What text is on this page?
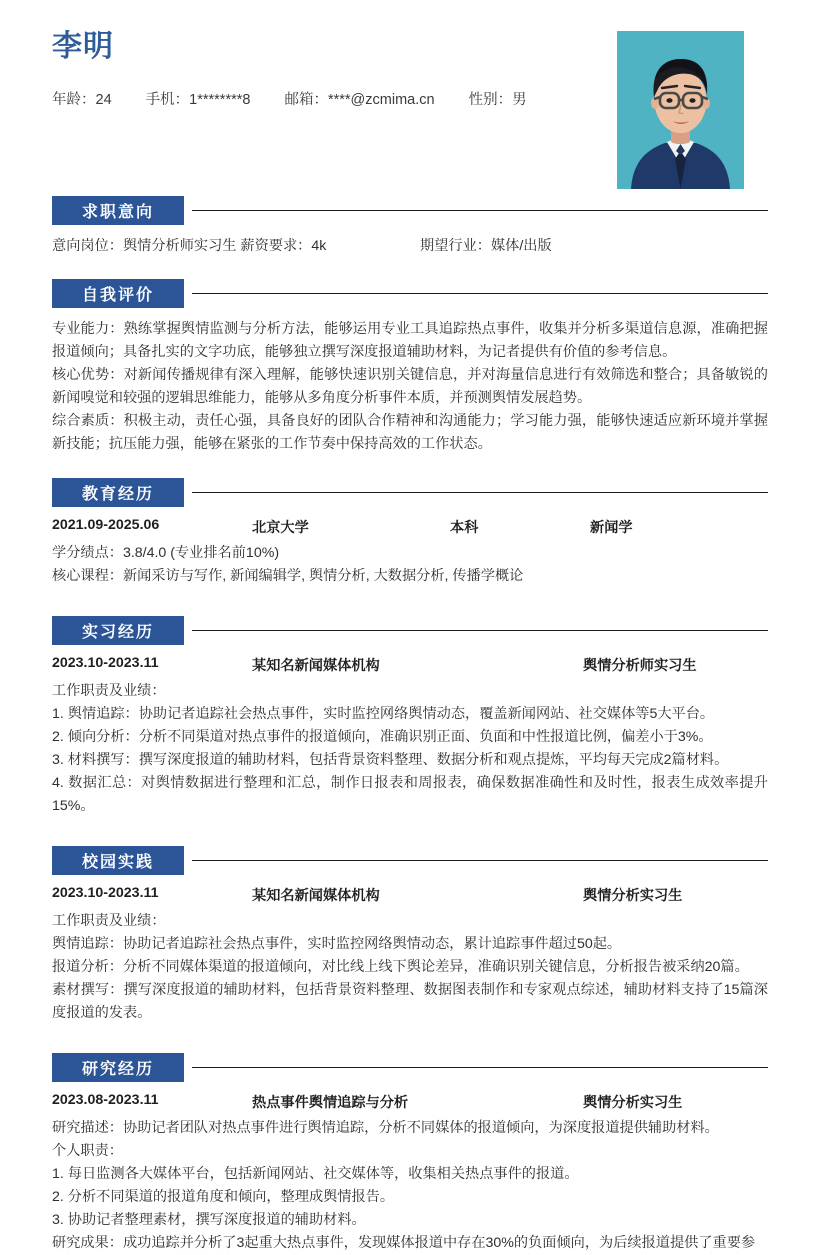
李明
年龄：24 手机：1********8 邮箱：****@zcmima.cn 性别：男
求职意向
意向岗位：舆情分析师实习生 薪资要求：4k	期望行业：媒体/出版
自我评价

专业能力：熟练掌握舆情监测与分析方法，能够运用专业工具追踪热点事件，收集并分析多渠道信息源，准确把握报道倾向；具备扎实的文字功底，能够独立撰写深度报道辅助材料，为记者提供有价值的参考信息。

核心优势：对新闻传播规律有深入理解，能够快速识别关键信息，并对海量信息进行有效筛选和整合；具备敏锐的新闻嗅觉和较强的逻辑思维能力，能够从多角度分析事件本质，并预测舆情发展趋势。

综合素质：积极主动，责任心强，具备良好的团队合作精神和沟通能力；学习能力强，能够快速适应新环境并掌握新技能；抗压能力强，能够在紧张的工作节奏中保持高效的工作状态。

教育经历
2021.09-2025.06	北京大学	本科	新闻学

学分绩点：3.8/4.0 (专业排名前10%)

核心课程：新闻采访与写作, 新闻编辑学, 舆情分析, 大数据分析, 传播学概论

实习经历
2023.10-2023.11	某知名新闻媒体机构	舆情分析师实习生

工作职责及业绩：

1. 舆情追踪：协助记者追踪社会热点事件，实时监控网络舆情动态，覆盖新闻网站、社交媒体等5大平台。

2. 倾向分析：分析不同渠道对热点事件的报道倾向，准确识别正面、负面和中性报道比例，偏差小于3%。

3. 材料撰写：撰写深度报道的辅助材料，包括背景资料整理、数据分析和观点提炼，平均每天完成2篇材料。

4. 数据汇总：对舆情数据进行整理和汇总，制作日报表和周报表，确保数据准确性和及时性，报表生成效率提升15%。

校园实践
2023.10-2023.11	某知名新闻媒体机构	舆情分析实习生

工作职责及业绩：

舆情追踪：协助记者追踪社会热点事件，实时监控网络舆情动态，累计追踪事件超过50起。

报道分析：分析不同媒体渠道的报道倾向，对比线上线下舆论差异，准确识别关键信息，分析报告被采纳20篇。

素材撰写：撰写深度报道的辅助材料，包括背景资料整理、数据图表制作和专家观点综述，辅助材料支持了15篇深度报道的发表。

研究经历
2023.08-2023.11	热点事件舆情追踪与分析	舆情分析实习生

研究描述：协助记者团队对热点事件进行舆情追踪，分析不同媒体的报道倾向，为深度报道提供辅助材料。

个人职责：

1. 每日监测各大媒体平台，包括新闻网站、社交媒体等，收集相关热点事件的报道。

2. 分析不同渠道的报道角度和倾向，整理成舆情报告。

3. 协助记者整理素材，撰写深度报道的辅助材料。

研究成果：成功追踪并分析了3起重大热点事件，发现媒体报道中存在30%的负面倾向，为后续报道提供了重要参
